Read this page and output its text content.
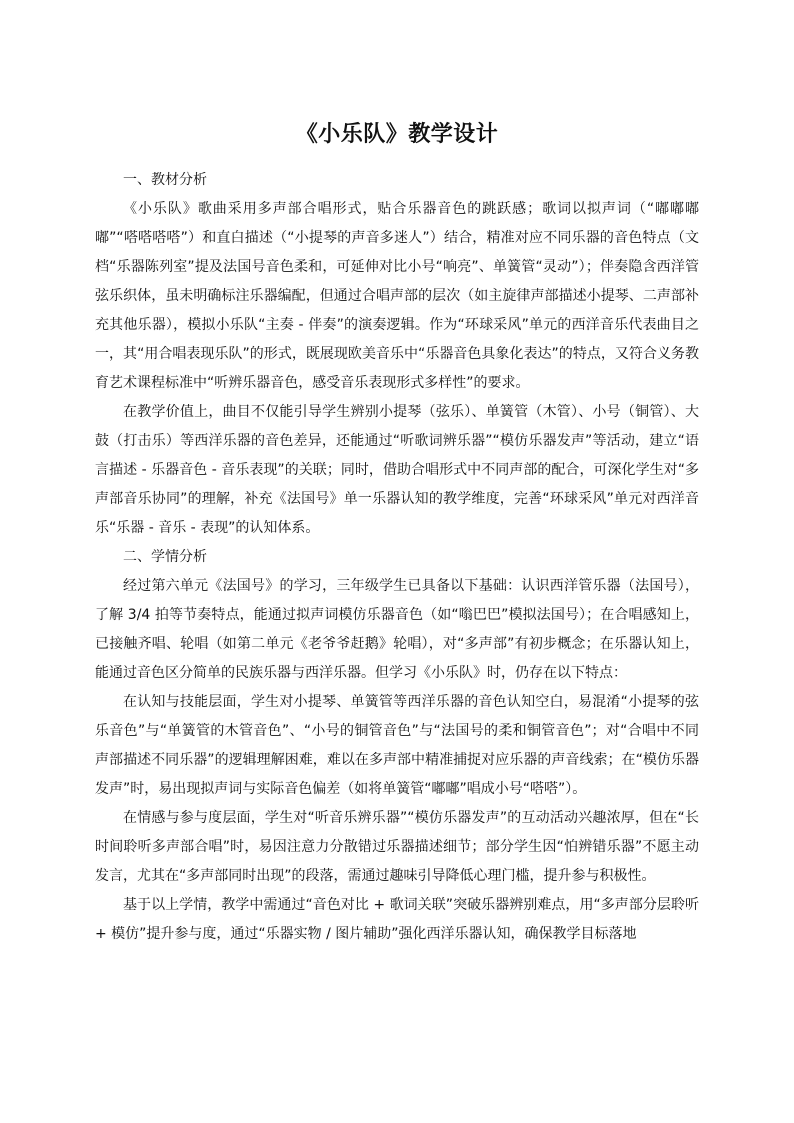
《小乐队》教学设计

一、教材分析

《小乐队》歌曲采用多声部合唱形式，贴合乐器音色的跳跃感；歌词以拟声词（“嘟嘟嘟嘟”“嗒嗒嗒嗒”）和直白描述（“小提琴的声音多迷人”）结合，精准对应不同乐器的音色特点（文档“乐器陈列室”提及法国号音色柔和，可延伸对比小号“响亮”、单簧管“灵动”）；伴奏隐含西洋管弦乐织体，虽未明确标注乐器编配，但通过合唱声部的层次（如主旋律声部描述小提琴、二声部补充其他乐器），模拟小乐队“主奏 - 伴奏”的演奏逻辑。作为“环球采风”单元的西洋音乐代表曲目之一，其“用合唱表现乐队”的形式，既展现欧美音乐中“乐器音色具象化表达”的特点，又符合义务教育艺术课程标准中“听辨乐器音色，感受音乐表现形式多样性”的要求。

在教学价值上，曲目不仅能引导学生辨别小提琴（弦乐）、单簧管（木管）、小号（铜管）、大鼓（打击乐）等西洋乐器的音色差异，还能通过“听歌词辨乐器”“模仿乐器发声”等活动，建立“语言描述 - 乐器音色 - 音乐表现”的关联；同时，借助合唱形式中不同声部的配合，可深化学生对“多声部音乐协同”的理解，补充《法国号》单一乐器认知的教学维度，完善“环球采风”单元对西洋音乐“乐器 - 音乐 - 表现”的认知体系。

二、学情分析

经过第六单元《法国号》的学习，三年级学生已具备以下基础：认识西洋管乐器（法国号），了解 3/4 拍等节奏特点，能通过拟声词模仿乐器音色（如“嗡巴巴”模拟法国号）；在合唱感知上，已接触齐唱、轮唱（如第二单元《老爷爷赶鹅》轮唱），对“多声部”有初步概念；在乐器认知上，能通过音色区分简单的民族乐器与西洋乐器。但学习《小乐队》时，仍存在以下特点：

在认知与技能层面，学生对小提琴、单簧管等西洋乐器的音色认知空白，易混淆“小提琴的弦乐音色”与“单簧管的木管音色”、“小号的铜管音色”与“法国号的柔和铜管音色”；对“合唱中不同声部描述不同乐器”的逻辑理解困难，难以在多声部中精准捕捉对应乐器的声音线索；在“模仿乐器发声”时，易出现拟声词与实际音色偏差（如将单簧管“嘟嘟”唱成小号“嗒嗒”）。

在情感与参与度层面，学生对“听音乐辨乐器”“模仿乐器发声”的互动活动兴趣浓厚，但在“长时间聆听多声部合唱”时，易因注意力分散错过乐器描述细节；部分学生因“怕辨错乐器”不愿主动发言，尤其在“多声部同时出现”的段落，需通过趣味引导降低心理门槛，提升参与积极性。

基于以上学情，教学中需通过“音色对比 + 歌词关联”突破乐器辨别难点，用“多声部分层聆听 + 模仿”提升参与度，通过“乐器实物 / 图片辅助”强化西洋乐器认知，确保教学目标落地
